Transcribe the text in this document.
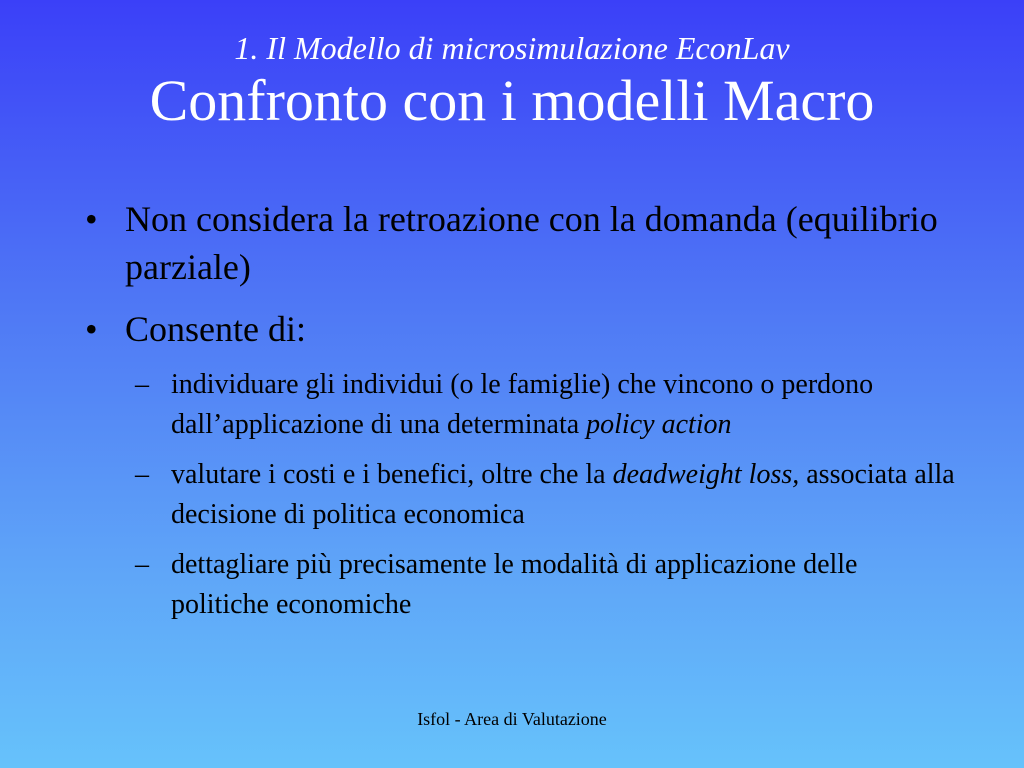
1. Il Modello di microsimulazione EconLav
Confronto con i modelli Macro
• Non considera la retroazione con la domanda (equilibrio parziale)
• Consente di:
– individuare gli individui (o le famiglie) che vincono o perdono dall’applicazione di una determinata policy action
– valutare i costi e i benefici, oltre che la deadweight loss, associata alla decisione di politica economica
– dettagliare più precisamente le modalità di applicazione delle politiche economiche
Isfol - Area di Valutazione
